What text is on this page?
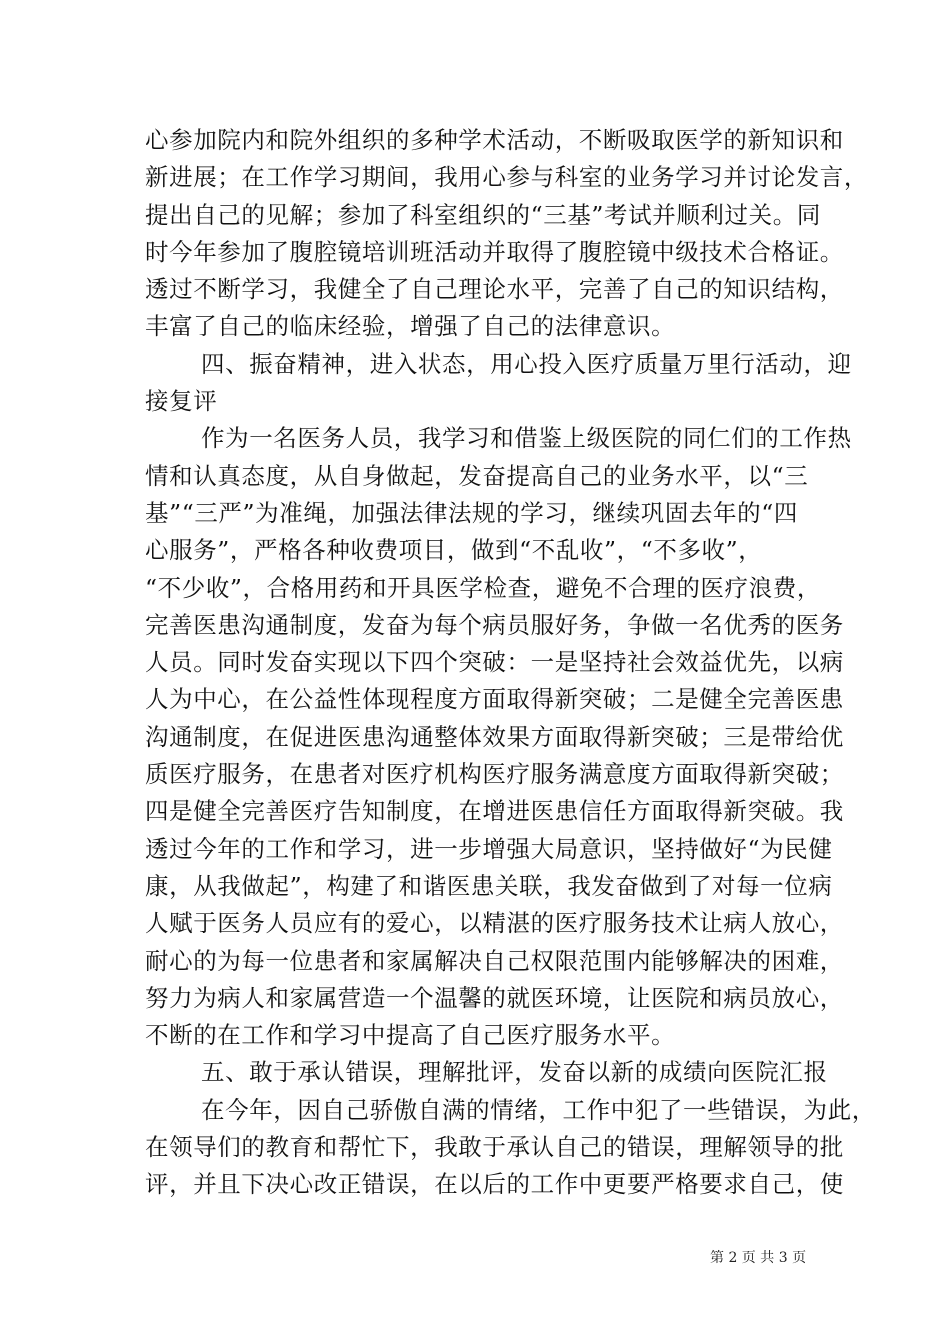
心参加院内和院外组织的多种学术活动，不断吸取医学的新知识和
新进展；在工作学习期间，我用心参与科室的业务学习并讨论发言，
提出自己的见解；参加了科室组织的“三基”考试并顺利过关。同
时今年参加了腹腔镜培训班活动并取得了腹腔镜中级技术合格证。
透过不断学习，我健全了自己理论水平，完善了自己的知识结构，
丰富了自己的临床经验，增强了自己的法律意识。
四、振奋精神，进入状态，用心投入医疗质量万里行活动，迎
接复评
作为一名医务人员，我学习和借鉴上级医院的同仁们的工作热
情和认真态度，从自身做起，发奋提高自己的业务水平，以“三
基”“三严”为准绳，加强法律法规的学习，继续巩固去年的“四
心服务”，严格各种收费项目，做到“不乱收”，“不多收”，
“不少收”，合格用药和开具医学检查，避免不合理的医疗浪费，
完善医患沟通制度，发奋为每个病员服好务，争做一名优秀的医务
人员。同时发奋实现以下四个突破：一是坚持社会效益优先，以病
人为中心，在公益性体现程度方面取得新突破；二是健全完善医患
沟通制度，在促进医患沟通整体效果方面取得新突破；三是带给优
质医疗服务，在患者对医疗机构医疗服务满意度方面取得新突破；
四是健全完善医疗告知制度，在增进医患信任方面取得新突破。我
透过今年的工作和学习，进一步增强大局意识，坚持做好“为民健
康，从我做起”，构建了和谐医患关联，我发奋做到了对每一位病
人赋于医务人员应有的爱心，以精湛的医疗服务技术让病人放心，
耐心的为每一位患者和家属解决自己权限范围内能够解决的困难，
努力为病人和家属营造一个温馨的就医环境，让医院和病员放心，
不断的在工作和学习中提高了自己医疗服务水平。
五、敢于承认错误，理解批评，发奋以新的成绩向医院汇报
在今年，因自己骄傲自满的情绪，工作中犯了一些错误，为此，
在领导们的教育和帮忙下，我敢于承认自己的错误，理解领导的批
评，并且下决心改正错误，在以后的工作中更要严格要求自己，使
第 2 页 共 3 页
